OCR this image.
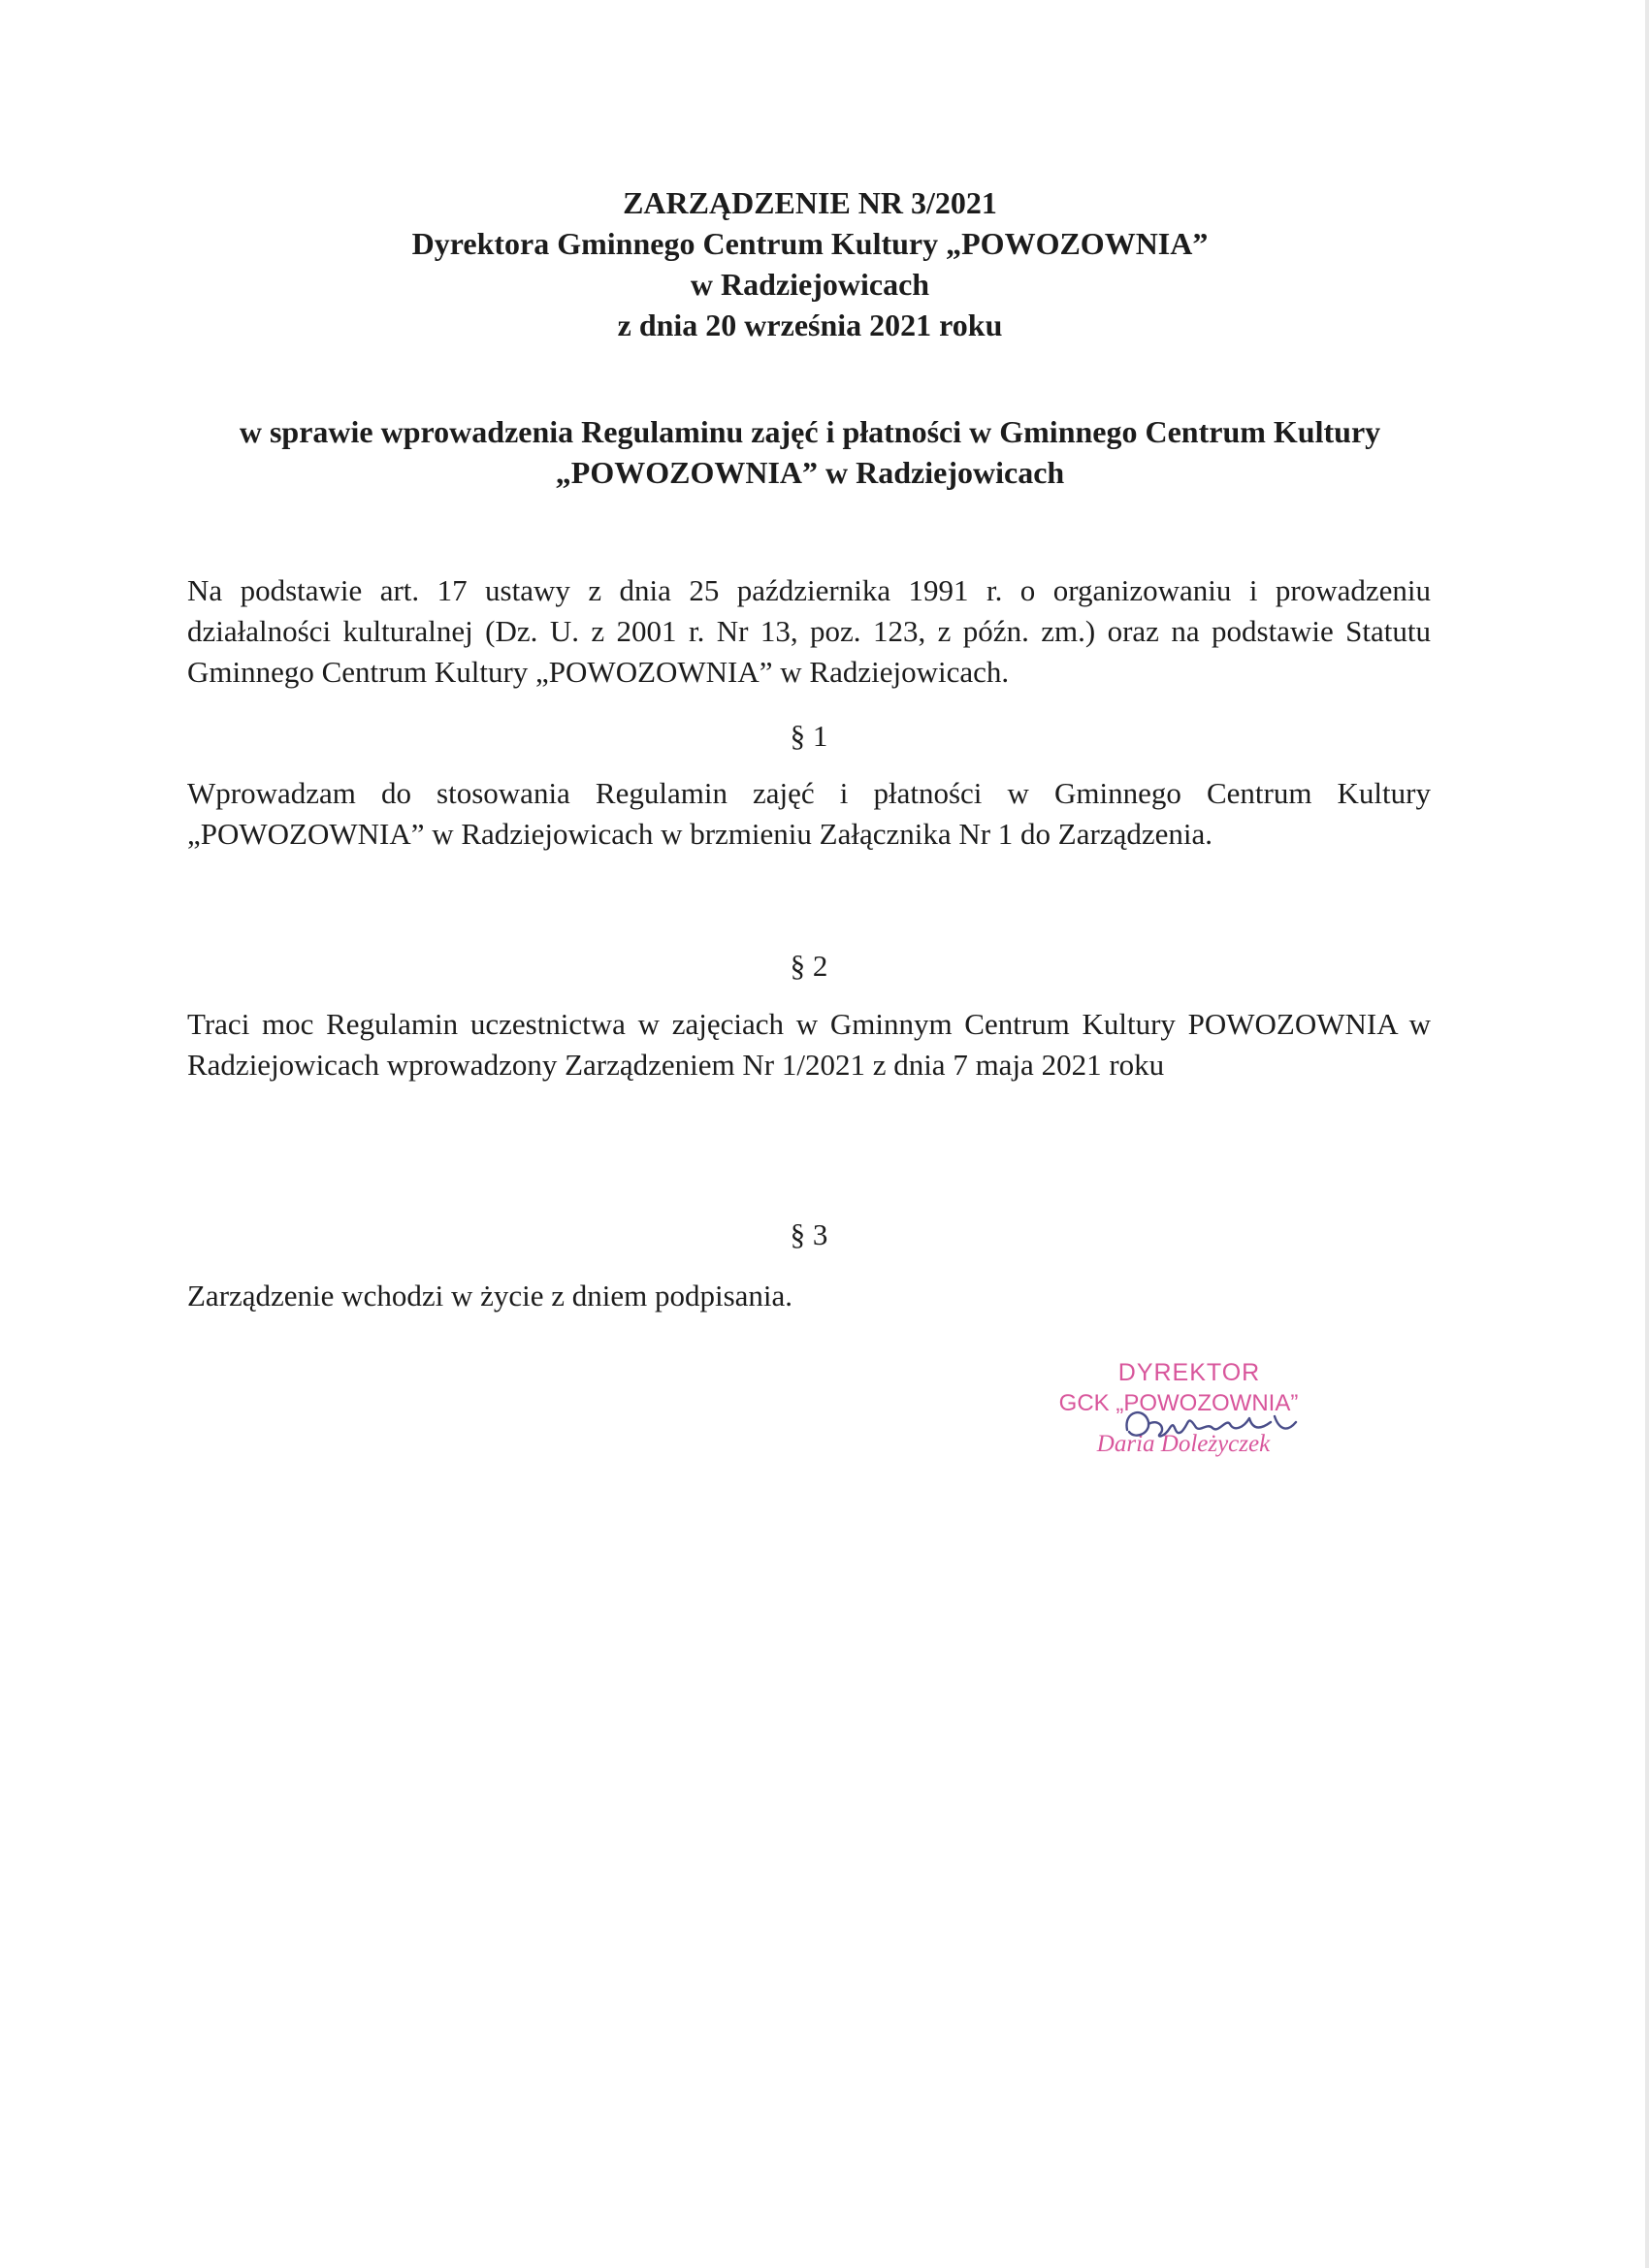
ZARZĄDZENIE NR 3/2021
Dyrektora Gminnego Centrum Kultury „POWOZOWNIA”
w Radziejowicach
z dnia 20 września 2021 roku
w sprawie wprowadzenia Regulaminu zajęć i płatności w Gminnego Centrum Kultury
„POWOZOWNIA” w Radziejowicach
Na podstawie art. 17 ustawy z dnia 25 października 1991 r. o organizowaniu i prowadzeniu działalności kulturalnej (Dz. U. z 2001 r. Nr 13, poz. 123, z późn. zm.) oraz na podstawie Statutu Gminnego Centrum Kultury „POWOZOWNIA” w Radziejowicach.
§ 1
Wprowadzam do stosowania Regulamin zajęć i płatności w Gminnego Centrum Kultury „POWOZOWNIA” w Radziejowicach w brzmieniu Załącznika Nr 1 do Zarządzenia.
§ 2
Traci moc Regulamin uczestnictwa w zajęciach w Gminnym Centrum Kultury POWOZOWNIA w Radziejowicach wprowadzony Zarządzeniem Nr 1/2021 z dnia 7 maja 2021 roku
§ 3
Zarządzenie wchodzi w życie z dniem podpisania.
DYREKTOR
GCK „POWOZOWNIA”
Daria Doleżyczek
